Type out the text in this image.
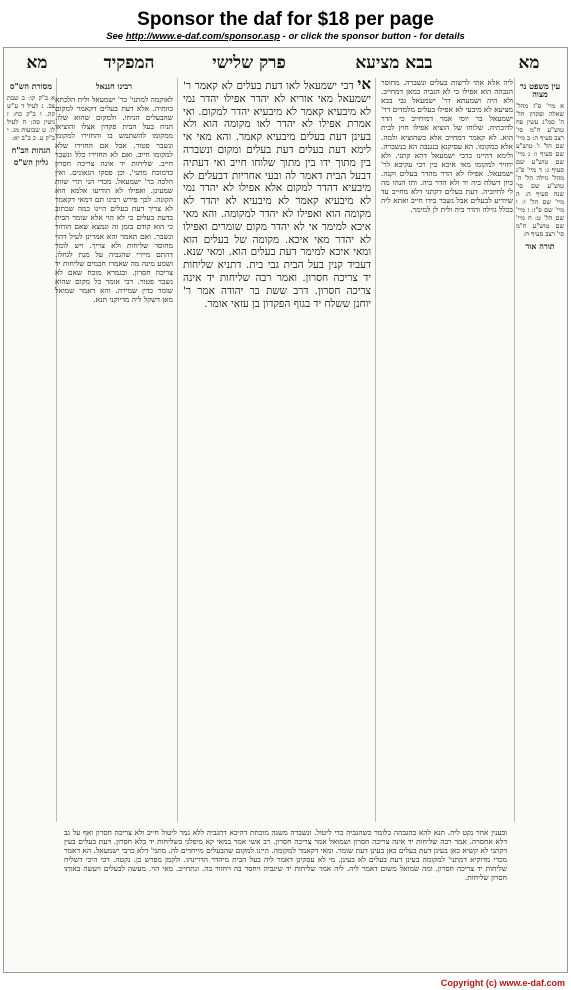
Sponsor the daf for $18 per page
See http://www.e-daf.com/sponsor.asp - or click the sponsor button - for details
מא
בבא מציעא
פרק שלישי
המפקיד
מא
עין משפט נר מצוה
א מיי' פ"ז מהל' שאלה ופקדון הל' ה' סמ"ג עשין פח טוש"ע ח"מ סי' רצב סעיף ה: ב מיי' שם הל' ו' טוש"ע שם סעיף ו: ג מיי' שם טוש"ע שם סעיף ג: ד מיי' פ"ג מהל' גזילה הל' ה' טוש"ע שם סי' שנה סעיף ה: ה מיי' שם הל' ו: ו מיי' שם פ"ז: ז מיי' שם הל' ט: ח מיי' שם טוש"ע ח"מ סי' רצב סעיף ח:
תורה אור
ליה אלא אתי לרשות בעלים ונשברה. מחוסר הגבהה הוא אפילו כי לא הגביה כמאן דמחייב. ולא היה ושמעתא דר' ישמעאל גבי בבא מציעא לא מיבעי לא אפילו בעלים מלמדים דר' ישמעאל בר יוסי אמר דמיחייב כי הדר לדוכתיה. שלוחו של הוציא אפילו חוץ לבית הוא. לא קאמר דמחייב אלא כשהוציא ולמה. אלא כמקומו. הא עסיקנא בנגנבה הא בנשברה. ולימא דהיינו כרבי ישמעאל דהא קתני. ולא יחזיר למקומו מאי איכא בין רבי עקיבא לר' ישמעאל. אפילו לא הדר מהדר בעלים וקנה. כיון דשלח ביה יד ולא הדר ביה. ותו הנהו מה לי לחיוביה. דעת בעלים דקתני דלא מחייב עד שיודיע לבעלים אבל נשבר בידו חייב ואתא ליה בכלל גזילה והדר ביה ולית לן למימר.
אי דכי ישמעאל לאו דעת בעלים לא קאמר ר' ישמעאל מאי אוריא לא יהדר אפילו יהדר נמי לא מיבעיא קאמר לא מיבעיא יהדר למקום. ואי אמרת אפילו לא יהדר לאו מקומה הוא ולא בעינן דעת בעלים מיבעיא קאמר. והא מאי אי לימא דעת בעלים דעת בעלים ומקום ונשברה בין מתוך ידו בין מתוך שלוחו חייב ואי דעתיה דבעל הבית דאמר לה ובעי אחריות דבעלים לא מיבעיא דהדר למקום אלא אפילו לא יהדר נמי לא מיבעיא קאמר לא מיבעיא לא יהדר לא מקומה הוא ואפילו לא יהדר למקומה. והא מאי איכא למימר אי לא יהדר מקום שומרים ואפילו לא יהדר מאי איכא. מקומה של בעלים הוא ומאי איכא למימר דעת בעלים הוא. ומאי שנא. דעביד קנין בעל הבית גבי בית. דתניא שליחות יד צריכה חסרון. ואמר רבה שליחות יד אינה צריכה חסרון. דרב ששת בר יהודה אמר ר' יוחנן ששלח יד בגוף הפקדון בן עזאי אומר.
רבינו חננאל
לאוקמה למתני' כר' ישמעאל ולית הלכתא כוותיה. אלא דעת בעלים דקאמר למקום שהבעלים הניחו. ולמקום שהוא שלו. הניח בעל הבית פקדון אצלו והוציאו ממקומו להשתמש בו והחזירו למקומו ונשבר פטור. אבל אם החזירו שלא למקומו חייב. ואם לא החזירו כלל ונשבר חייב. שליחות יד אינה צריכה חסרון כדמוכח מתני'. וכן פסקו הגאונים. ואין הלכה כר' ישמעאל. מכדי הני תרי שוות שמעינן. ואפילו לא הודיעו אלמא הוא הקונה. לכך פירש רבינו תם דמאי דקאמר לא צריך דעת בעלים היינו כמה שכתוב בדעת בעלים כי לא הוי אלא שומר הבית כי הוא קודם בזמן זה ונמצא שאם הוחזר ונשבר. ואם תאמר והא אמרינן לעיל דהוי מחוסר שליחות ולא צריך. ויש לומר דהתם מיירי שהגביה על מנת לגוזלו. ושמע מינה מה שאמרו חכמים שליחות יד צריכה חסרון. ובגמרא מוכח שאם לא נשבר פטור. רבי אומר כל מקום שהוא שומר כדין שמירה. והא דאמר שמואל מאן דשקל ליה מדיוקני תנא.
מסורת הש"ס
א ב"ק קו: ב שבת צב. ג לעיל ד ע"ש קה. ו ב"ק כח: ז גיטין סה: ח לעיל לו. ט שבועות מג. י ב"ק ע. כ ב"ב יא:
הגהות הב"ח
גליון הש"ס
ובענין אחר נקט ליה. תנא להא בהגבהה כלומר כשהגביה כדי ליטול. ונשברה משנה מוכחת דהיכא דהגביה ללא גמר ליטול חייב ולא צריכה חסרון ואף על גב דלא אחסרה. אמר רבה שליחות יד אינה צריכה חסרון ושמואל אמר צריכה חסרון. רב אשי אמר במאי קא מיפלגי בשליחות יד בלא חסרון. דעת בעלים בעין דקתני לא קשיא כאן בעינן דעת בעלים כאן בעינן דעת שומר. ומאי דקאמר למקומה. היינו למקום שהבעלים מייחדים לה. מתני' דלא כרבי ישמעאל. הא דאמר מכדי מדוקיא דמתני' למקומה בעינן דעת בעלים לא בעינן. מי לא עסקינן דאמר ליה בעל הבית מיהדר הדרינהו. ולקמן מפרש כן. נקטה. דכי היכי דשליח שליחות יד צריכה חסרון. ומה שמואל משום דאמר ליה. ליה אמר שליחות יד שיגביה ויחסר בה ויחזור בה. ונתחייב. מאי הוי. מעשה לבעלים ויעשה באותו חסרון שליחות.
Copyright (c) www.e-daf.com
